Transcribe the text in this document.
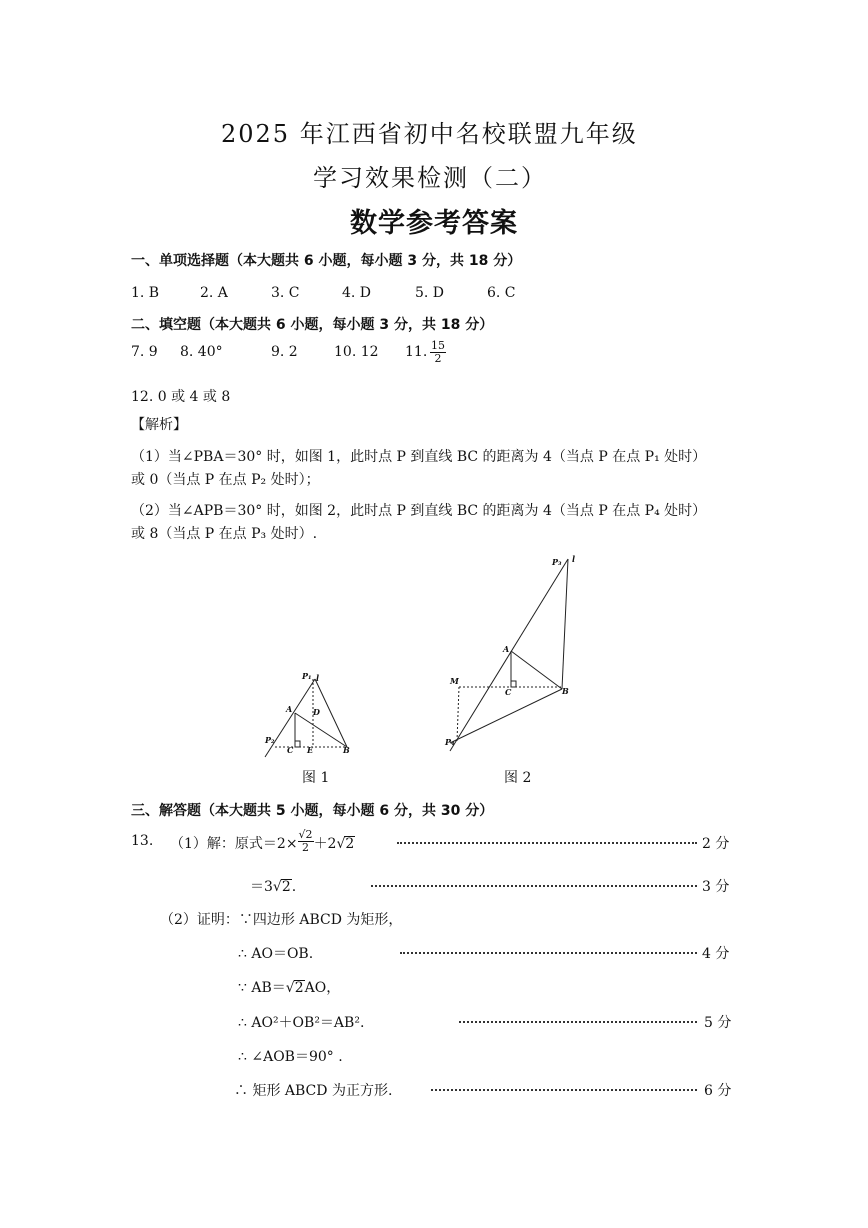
2025 年江西省初中名校联盟九年级
学习效果检测（二）
数学参考答案
一、单项选择题（本大题共 6 小题，每小题 3 分，共 18 分）
1. B	2. A	3. C	4. D	5. D	6. C
二、填空题（本大题共 6 小题，每小题 3 分，共 18 分）
7. 9 8. 40°	9. 2	10. 12 11. $\frac{15}{2}$
12. 0 或 4 或 8
【解析】
（1）当∠PBA＝30° 时，如图 1，此时点 P 到直线 BC 的距离为 4（当点 P 在点 P₁ 处时）
或 0（当点 P 在点 P₂ 处时）；
（2）当∠APB＝30° 时，如图 2，此时点 P 到直线 BC 的距离为 4（当点 P 在点 P₄ 处时）
或 8（当点 P 在点 P₃ 处时）.
P₁ l
A	D
P₂
C E	B
图 1
P₃ l
A
M
C	B
P₄
图 2
三、解答题（本大题共 5 小题，每小题 6 分，共 30 分）
13. （1）解：原式$=2\times \frac{√2}{2} +2√2$	2 分
＝3√2.	3 分
（2）证明：∵四边形 ABCD 为矩形，
∴ AO＝OB.	4 分
∵ AB＝√2AO，
∴ AO²＋OB²＝AB².	5 分
∴ ∠AOB＝90° .
∴ 矩形 ABCD 为正方形.	6 分
